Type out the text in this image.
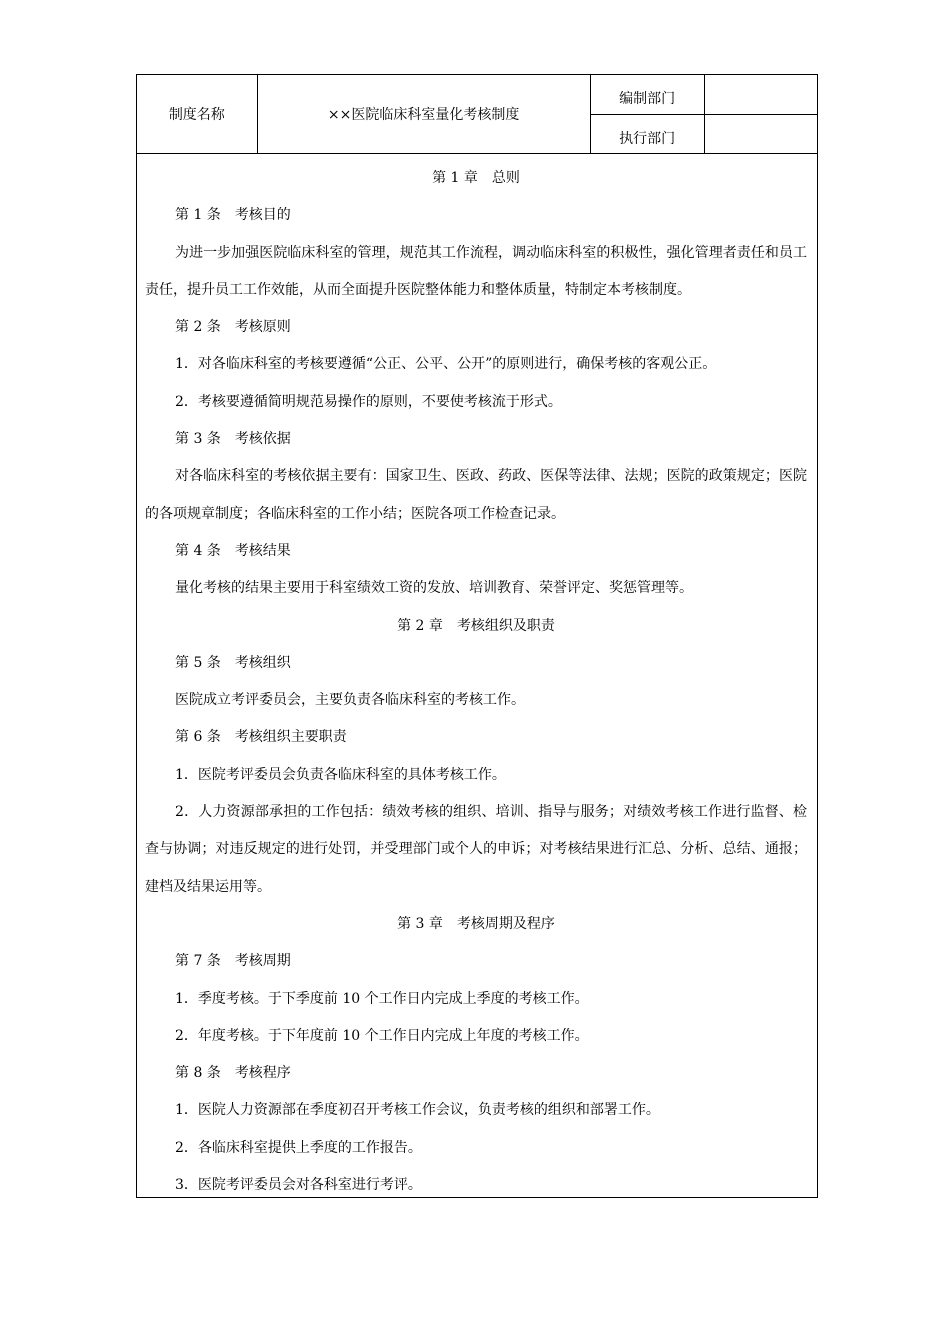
制度名称	××医院临床科室量化考核制度
编制部门
执行部门

第 1 章　总则

第 1 条　考核目的

为进一步加强医院临床科室的管理，规范其工作流程，调动临床科室的积极性，强化管理者责任和员工责任，提升员工工作效能，从而全面提升医院整体能力和整体质量，特制定本考核制度。

第 2 条　考核原则

1．对各临床科室的考核要遵循“公正、公平、公开”的原则进行，确保考核的客观公正。

2．考核要遵循简明规范易操作的原则，不要使考核流于形式。

第 3 条　考核依据

对各临床科室的考核依据主要有：国家卫生、医政、药政、医保等法律、法规；医院的政策规定；医院的各项规章制度；各临床科室的工作小结；医院各项工作检查记录。

第 4 条　考核结果

量化考核的结果主要用于科室绩效工资的发放、培训教育、荣誉评定、奖惩管理等。

第 2 章　考核组织及职责

第 5 条　考核组织

医院成立考评委员会，主要负责各临床科室的考核工作。

第 6 条　考核组织主要职责

1．医院考评委员会负责各临床科室的具体考核工作。

2．人力资源部承担的工作包括：绩效考核的组织、培训、指导与服务；对绩效考核工作进行监督、检查与协调；对违反规定的进行处罚，并受理部门或个人的申诉；对考核结果进行汇总、分析、总结、通报；建档及结果运用等。

第 3 章　考核周期及程序

第 7 条　考核周期

1．季度考核。于下季度前 10 个工作日内完成上季度的考核工作。

2．年度考核。于下年度前 10 个工作日内完成上年度的考核工作。

第 8 条　考核程序

1．医院人力资源部在季度初召开考核工作会议，负责考核的组织和部署工作。

2．各临床科室提供上季度的工作报告。

3．医院考评委员会对各科室进行考评。
